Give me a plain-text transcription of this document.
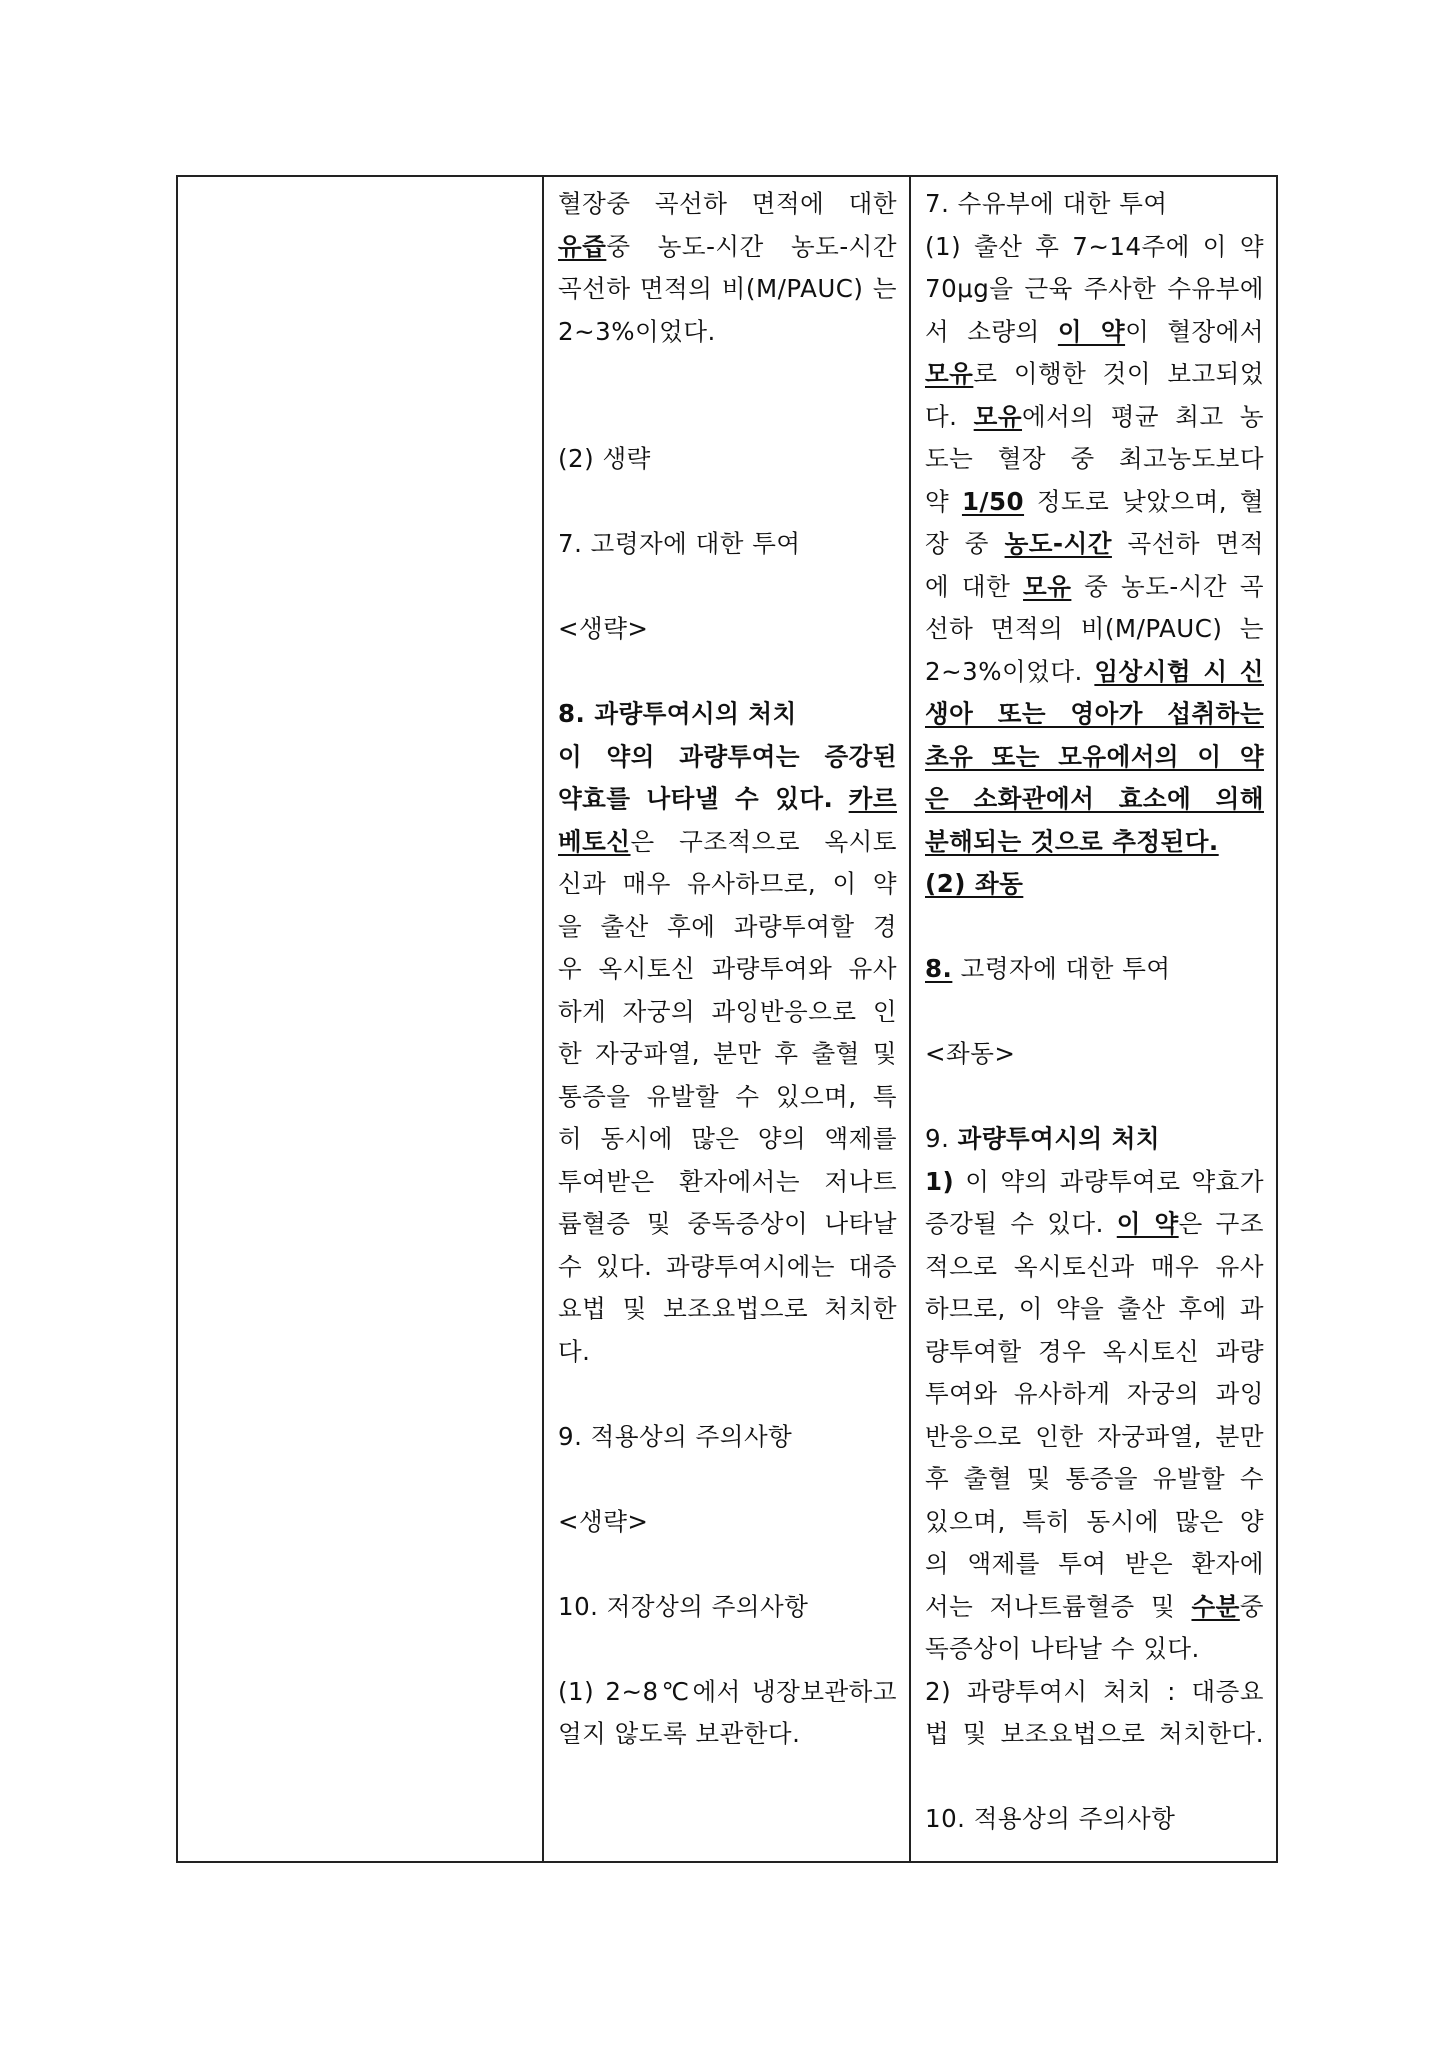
혈장중 곡선하 면적에 대한
유즙중 농도-시간 농도-시간
곡선하 면적의 비(M/PAUC) 는
2~3%이었다.
(2) 생략
7. 고령자에 대한 투여
<생략>
8. 과량투여시의 처치
이 약의 과량투여는 증강된
약효를 나타낼 수 있다. 카르
베토신은 구조적으로 옥시토
신과 매우 유사하므로, 이 약
을 출산 후에 과량투여할 경
우 옥시토신 과량투여와 유사
하게 자궁의 과잉반응으로 인
한 자궁파열, 분만 후 출혈 및
통증을 유발할 수 있으며, 특
히 동시에 많은 양의 액제를
투여받은 환자에서는 저나트
륨혈증 및 중독증상이 나타날
수 있다. 과량투여시에는 대증
요법 및 보조요법으로 처치한
다.
9. 적용상의 주의사항
<생략>
10. 저장상의 주의사항
(1) 2~8℃에서 냉장보관하고
얼지 않도록 보관한다.
7. 수유부에 대한 투여
(1) 출산 후 7~14주에 이 약
70μg을 근육 주사한 수유부에
서 소량의 이 약이 혈장에서
모유로 이행한 것이 보고되었
다. 모유에서의 평균 최고 농
도는 혈장 중 최고농도보다
약 1/50 정도로 낮았으며, 혈
장 중 농도-시간 곡선하 면적
에 대한 모유 중 농도-시간 곡
선하 면적의 비(M/PAUC) 는
2~3%이었다. 임상시험 시 신
생아 또는 영아가 섭취하는
초유 또는 모유에서의 이 약
은 소화관에서 효소에 의해
분해되는 것으로 추정된다.
(2) 좌동
8. 고령자에 대한 투여
<좌동>
9. 과량투여시의 처치
1) 이 약의 과량투여로 약효가
증강될 수 있다. 이 약은 구조
적으로 옥시토신과 매우 유사
하므로, 이 약을 출산 후에 과
량투여할 경우 옥시토신 과량
투여와 유사하게 자궁의 과잉
반응으로 인한 자궁파열, 분만
후 출혈 및 통증을 유발할 수
있으며, 특히 동시에 많은 양
의 액제를 투여 받은 환자에
서는 저나트륨혈증 및 수분중
독증상이 나타날 수 있다.
2) 과량투여시 처치 : 대증요
법 및 보조요법으로 처치한다.
10. 적용상의 주의사항
